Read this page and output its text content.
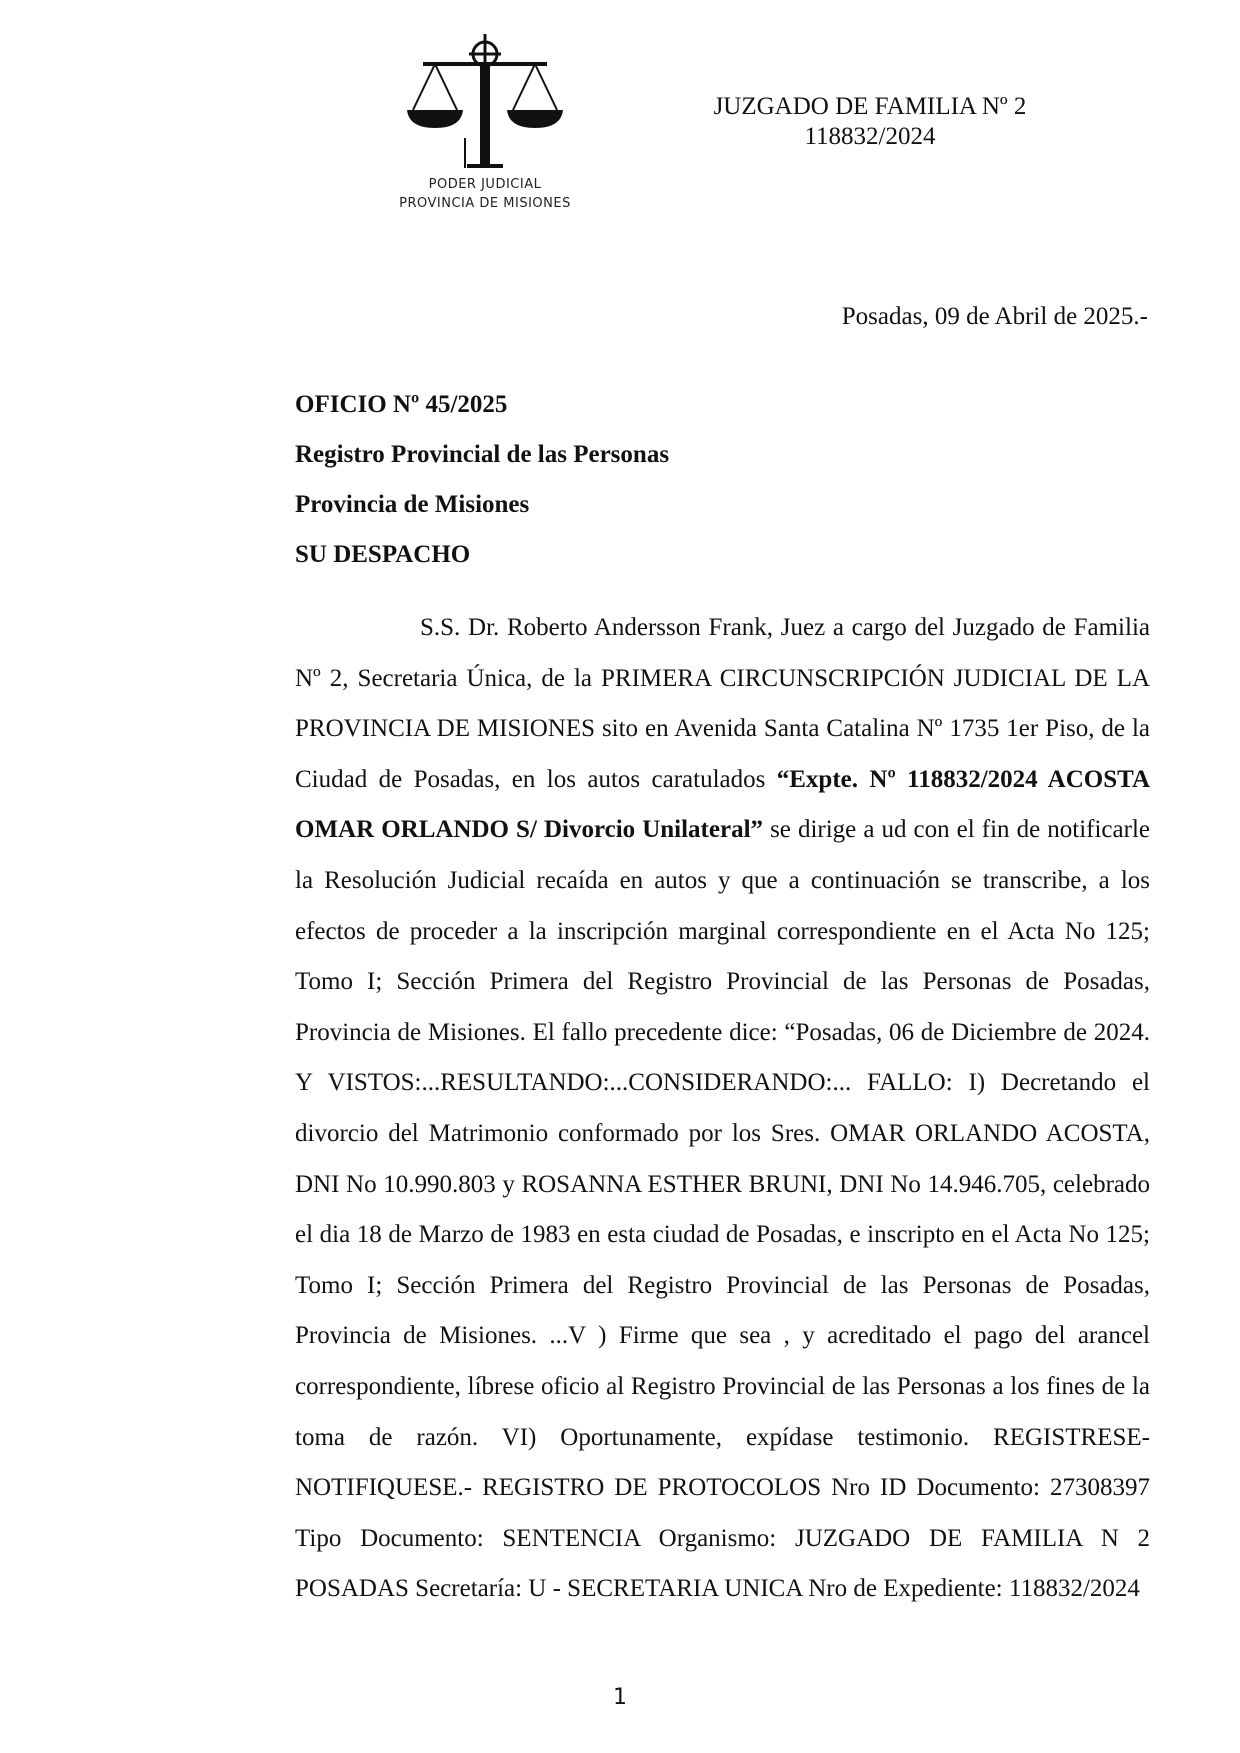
PODER JUDICIAL
PROVINCIA DE MISIONES
JUZGADO DE FAMILIA Nº 2
118832/2024
Posadas, 09 de Abril de 2025.-
OFICIO Nº 45/2025
Registro Provincial de las Personas
Provincia de Misiones
SU DESPACHO
S.S. Dr. Roberto Andersson Frank, Juez a cargo del Juzgado de Familia Nº 2, Secretaria Única, de la PRIMERA CIRCUNSCRIPCIÓN JUDICIAL DE LA PROVINCIA DE MISIONES sito en Avenida Santa Catalina Nº 1735 1er Piso, de la Ciudad de Posadas, en los autos caratulados “Expte. Nº 118832/2024 ACOSTA OMAR ORLANDO S/ Divorcio Unilateral” se dirige a ud con el fin de notificarle la Resolución Judicial recaída en autos y que a continuación se transcribe, a los efectos de proceder a la inscripción marginal correspondiente en el Acta No 125; Tomo I; Sección Primera del Registro Provincial de las Personas de Posadas, Provincia de Misiones. El fallo precedente dice: “Posadas, 06 de Diciembre de 2024. Y VISTOS:...RESULTANDO:...CONSIDERANDO:... FALLO: I) Decretando el divorcio del Matrimonio conformado por los Sres. OMAR ORLANDO ACOSTA, DNI No 10.990.803 y ROSANNA ESTHER BRUNI, DNI No 14.946.705, celebrado el dia 18 de Marzo de 1983 en esta ciudad de Posadas, e inscripto en el Acta No 125; Tomo I; Sección Primera del Registro Provincial de las Personas de Posadas, Provincia de Misiones. ...V ) Firme que sea , y acreditado el pago del arancel correspondiente, líbrese oficio al Registro Provincial de las Personas a los fines de la toma de razón. VI) Oportunamente, expídase testimonio. REGISTRESE-NOTIFIQUESE.- REGISTRO DE PROTOCOLOS Nro ID Documento: 27308397 Tipo Documento: SENTENCIA Organismo: JUZGADO DE FAMILIA N 2 POSADAS Secretaría: U - SECRETARIA UNICA Nro de Expediente: 118832/2024
1
